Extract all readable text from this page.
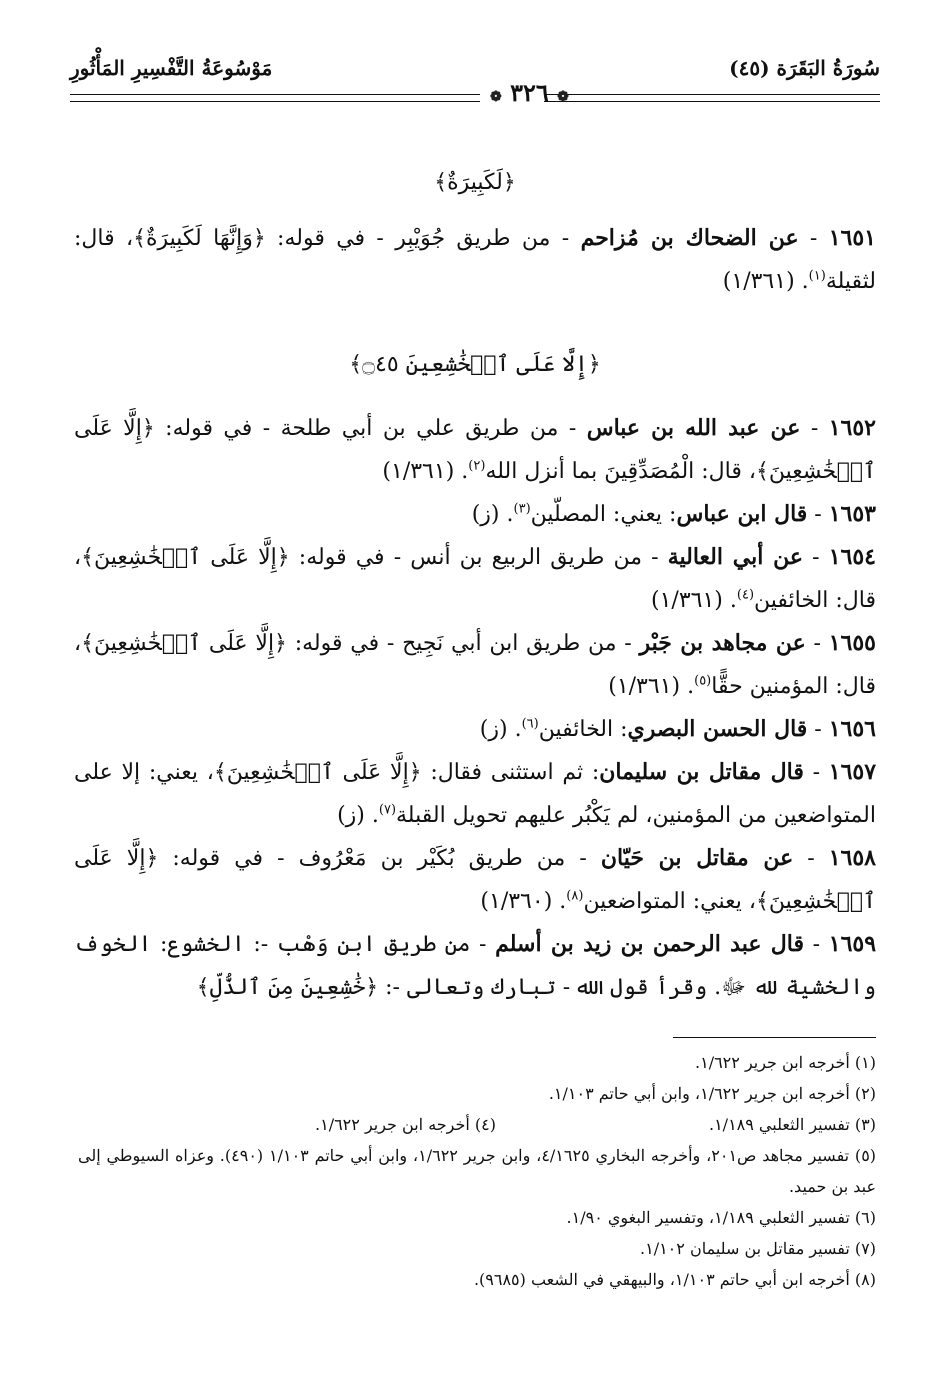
سُورَةُ البَقَرَة (٤٥)
مَوْسُوعَةُ التَّفْسِيرِ المَأْثُورِ
❁ ٣٢٦ ❁

﴿لَكَبِيرَةٌ﴾

١٦٥١ - عن الضحاك بن مُزاحم - من طريق جُوَيْبِر - في قوله: ﴿وَإِنَّهَا لَكَبِيرَةٌ﴾، قال: لثقيلة$^{(١)}$. (١/٣٦١)

﴿إِلَّا عَلَى ٱلۡخَٰشِعِينَ ۝٤٥﴾

١٦٥٢ - عن عبد الله بن عباس - من طريق علي بن أبي طلحة - في قوله: ﴿إِلَّا عَلَى ٱلۡخَٰشِعِينَ﴾، قال: الْمُصَدِّقِينَ بما أنزل الله$^{(٢)}$. (١/٣٦١)

١٦٥٣ - قال ابن عباس: يعني: المصلّين$^{(٣)}$. (ز)

١٦٥٤ - عن أبي العالية - من طريق الربيع بن أنس - في قوله: ﴿إِلَّا عَلَى ٱلۡخَٰشِعِينَ﴾، قال: الخائفين$^{(٤)}$. (١/٣٦١)

١٦٥٥ - عن مجاهد بن جَبْر - من طريق ابن أبي نَجِيح - في قوله: ﴿إِلَّا عَلَى ٱلۡخَٰشِعِينَ﴾، قال: المؤمنين حقًّا$^{(٥)}$. (١/٣٦١)

١٦٥٦ - قال الحسن البصري: الخائفين$^{(٦)}$. (ز)

١٦٥٧ - قال مقاتل بن سليمان: ثم استثنى فقال: ﴿إِلَّا عَلَى ٱلۡخَٰشِعِينَ﴾، يعني: إلا على المتواضعين من المؤمنين، لم يَكْبُر عليهم تحويل القبلة$^{(٧)}$. (ز)

١٦٥٨ - عن مقاتل بن حَيّان - من طريق بُكَيْر بن مَعْرُوف - في قوله: ﴿إِلَّا عَلَى ٱلۡخَٰشِعِينَ﴾، يعني: المتواضعين$^{(٨)}$. (١/٣٦٠)

١٦٥٩ - قال عبد الرحمن بن زيد بن أسلم - من طريق ابن وَهْب -: الخشوع: الخوف والخشية لله ﷻ. وقرأ قول الله - تبارك وتعالى -: ﴿خَٰشِعِينَ مِنَ ٱلذُّلِّ﴾

(١) أخرجه ابن جرير ١/٦٢٢.
(٢) أخرجه ابن جرير ١/٦٢٢، وابن أبي حاتم ١/١٠٣.
(٣) تفسير الثعلبي ١/١٨٩.
(٤) أخرجه ابن جرير ١/٦٢٢.
(٥) تفسير مجاهد ص٢٠١، وأخرجه البخاري ٤/١٦٢٥، وابن جرير ١/٦٢٢، وابن أبي حاتم ١/١٠٣ (٤٩٠). وعزاه السيوطي إلى عبد بن حميد.
(٦) تفسير الثعلبي ١/١٨٩، وتفسير البغوي ١/٩٠.
(٧) تفسير مقاتل بن سليمان ١/١٠٢.
(٨) أخرجه ابن أبي حاتم ١/١٠٣، والبيهقي في الشعب (٩٦٨٥).
